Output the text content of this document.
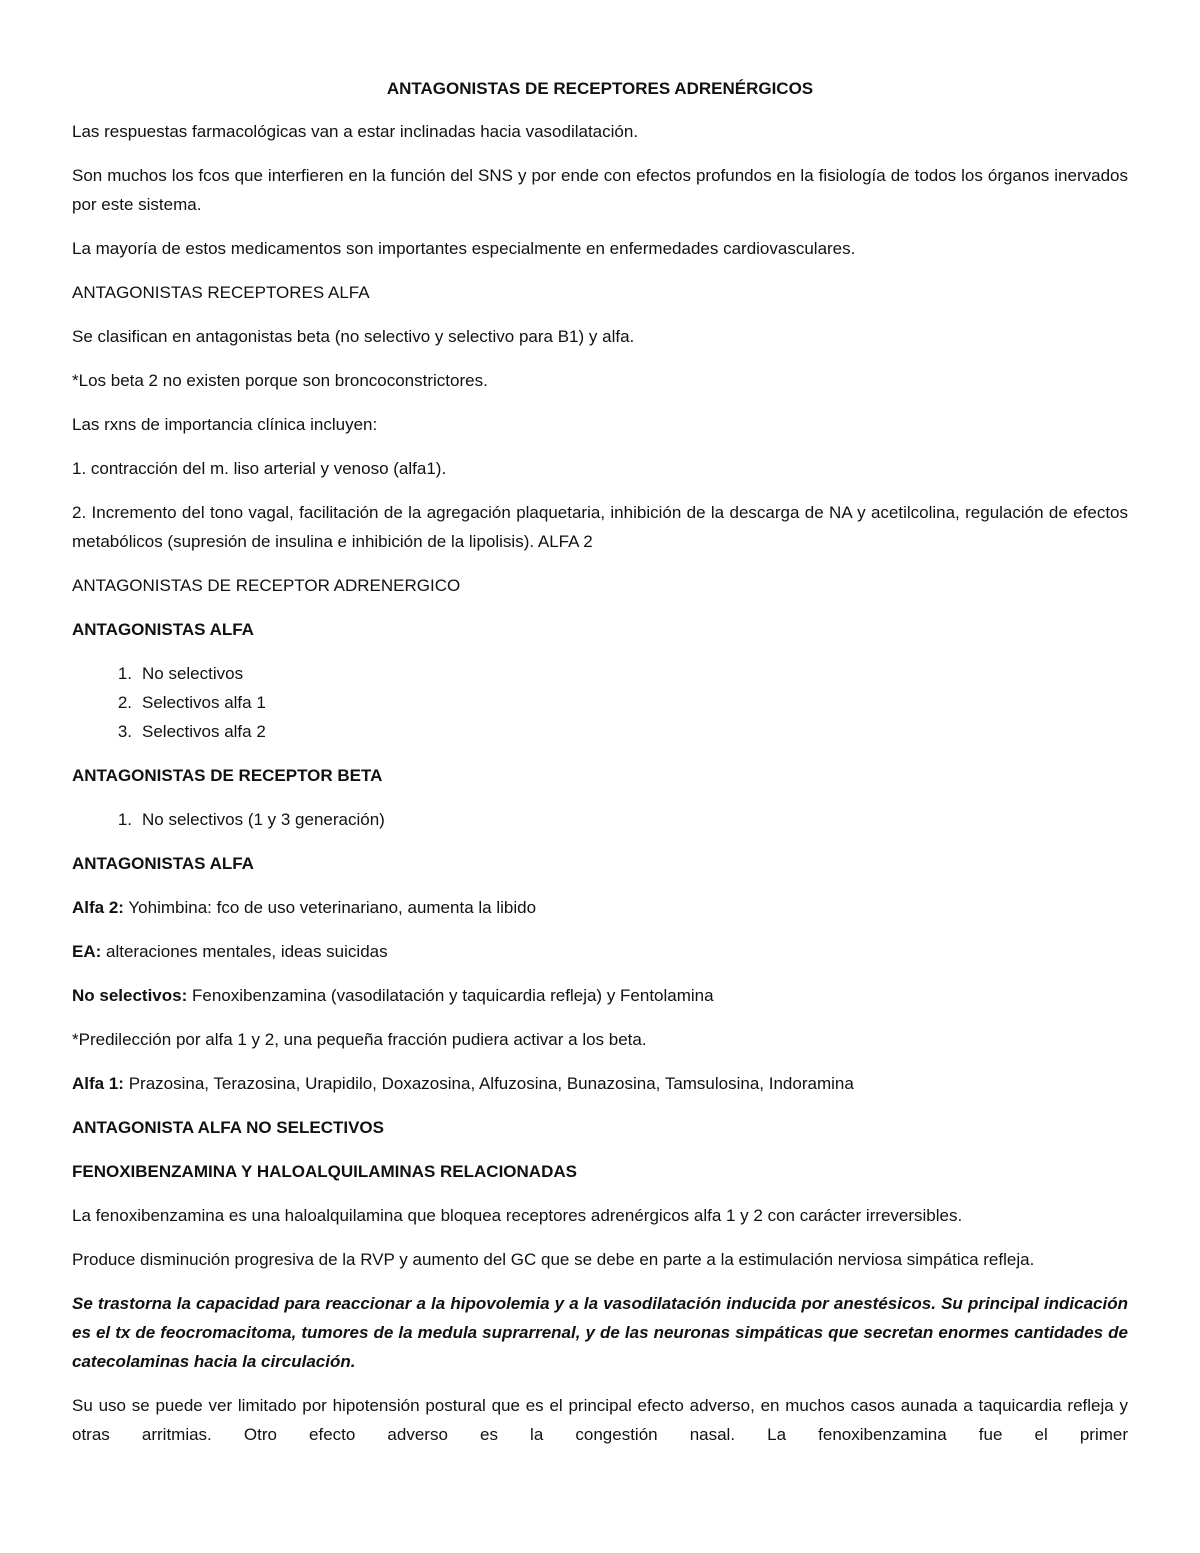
ANTAGONISTAS DE RECEPTORES ADRENÉRGICOS

Las respuestas farmacológicas van a estar inclinadas hacia vasodilatación.

Son muchos los fcos que interfieren en la función del SNS y por ende con efectos profundos en la fisiología de todos los órganos inervados por este sistema.

La mayoría de estos medicamentos son importantes especialmente en enfermedades cardiovasculares.

ANTAGONISTAS RECEPTORES ALFA

Se clasifican en antagonistas beta (no selectivo y selectivo para B1) y alfa.

*Los beta 2 no existen porque son broncoconstrictores.

Las rxns de importancia clínica incluyen:

1. contracción del m. liso arterial y venoso (alfa1).

2. Incremento del tono vagal, facilitación de la agregación plaquetaria, inhibición de la descarga de NA y acetilcolina, regulación de efectos metabólicos (supresión de insulina e inhibición de la lipolisis). ALFA 2

ANTAGONISTAS DE RECEPTOR ADRENERGICO

ANTAGONISTAS ALFA

1. No selectivos
2. Selectivos alfa 1
3. Selectivos alfa 2

ANTAGONISTAS DE RECEPTOR BETA

1. No selectivos (1 y 3 generación)

ANTAGONISTAS ALFA

Alfa 2: Yohimbina: fco de uso veterinariano, aumenta la libido

EA: alteraciones mentales, ideas suicidas

No selectivos: Fenoxibenzamina (vasodilatación y taquicardia refleja) y Fentolamina

*Predilección por alfa 1 y 2, una pequeña fracción pudiera activar a los beta.

Alfa 1: Prazosina, Terazosina, Urapidilo, Doxazosina, Alfuzosina, Bunazosina, Tamsulosina, Indoramina

ANTAGONISTA ALFA NO SELECTIVOS

FENOXIBENZAMINA Y HALOALQUILAMINAS RELACIONADAS

La fenoxibenzamina es una haloalquilamina que bloquea receptores adrenérgicos alfa 1 y 2 con carácter irreversibles.

Produce disminución progresiva de la RVP y aumento del GC que se debe en parte a la estimulación nerviosa simpática refleja.

Se trastorna la capacidad para reaccionar a la hipovolemia y a la vasodilatación inducida por anestésicos. Su principal indicación es el tx de feocromacitoma, tumores de la medula suprarrenal, y de las neuronas simpáticas que secretan enormes cantidades de catecolaminas hacia la circulación.

Su uso se puede ver limitado por hipotensión postural que es el principal efecto adverso, en muchos casos aunada a taquicardia refleja y otras arritmias. Otro efecto adverso es la congestión nasal. La fenoxibenzamina fue el primer
